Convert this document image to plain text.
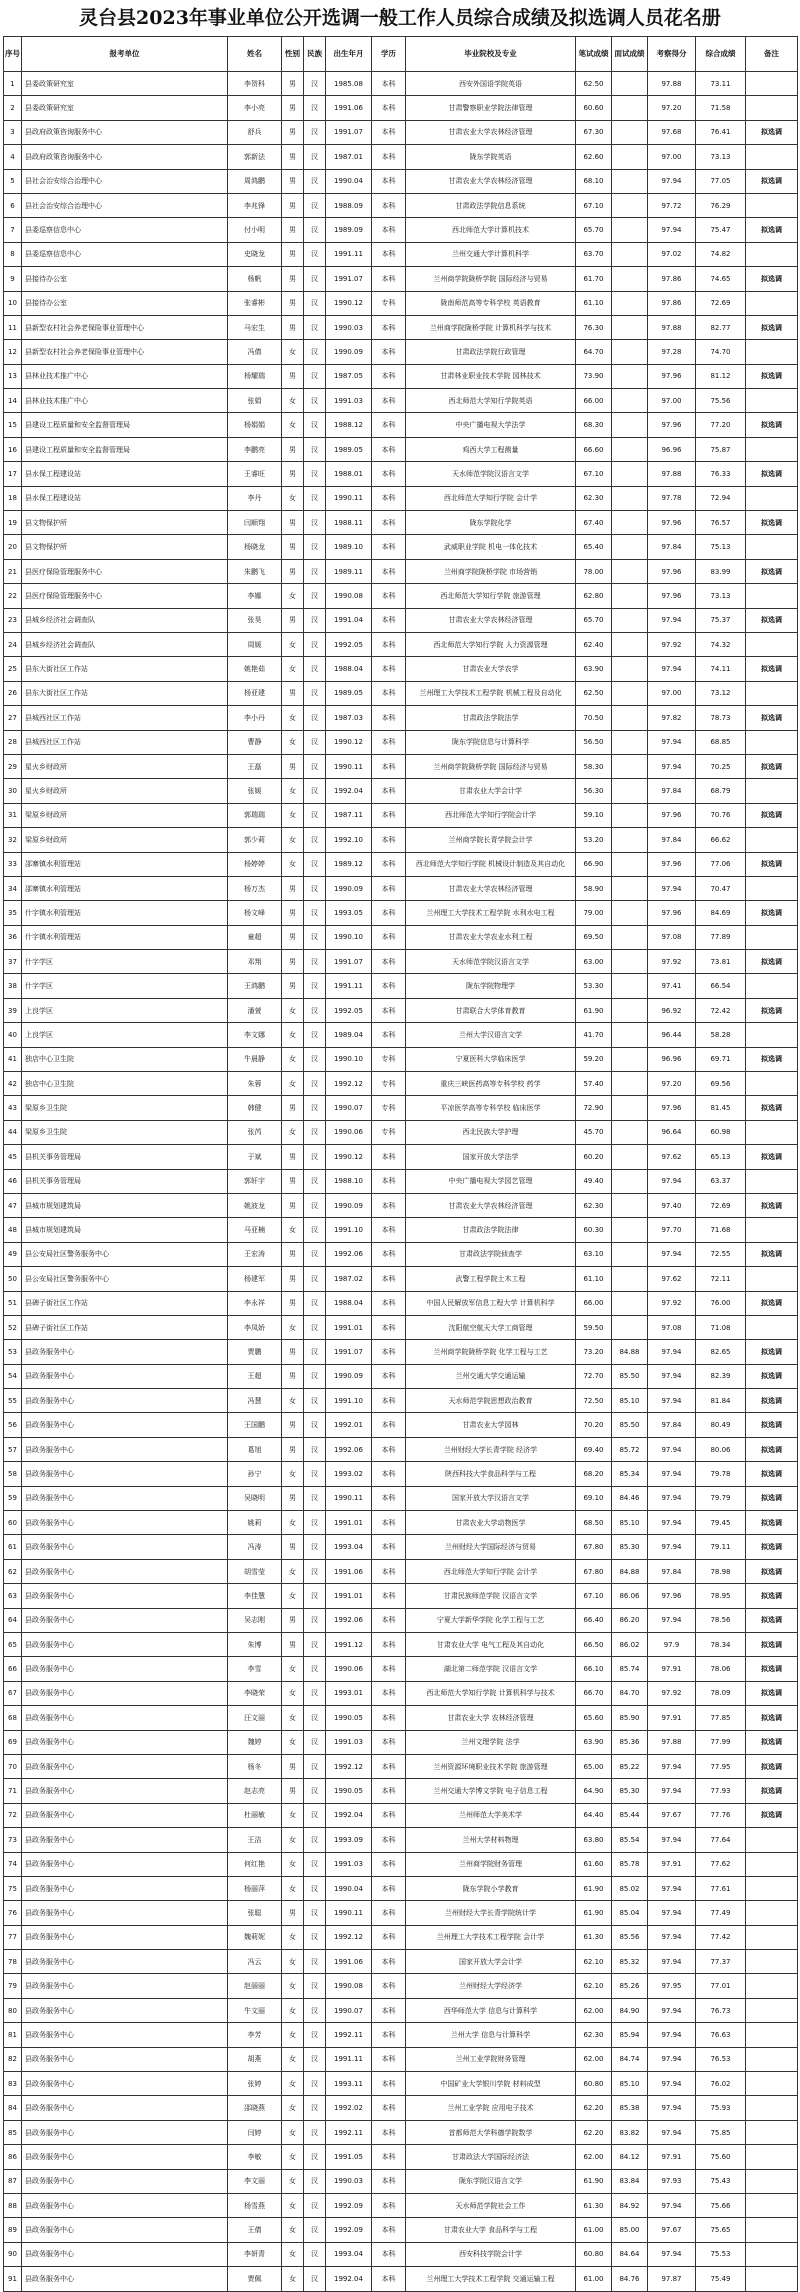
灵台县2023年事业单位公开选调一般工作人员综合成绩及拟选调人员花名册
序号	报考单位	姓名	性别	民族	出生年月	学历	毕业院校及专业	笔试成绩	面试成绩	考察得分	综合成绩	备注
1	县委政策研究室	李贺科	男	汉	1985.08	本科	西安外国语学院英语	62.50		97.88	73.11	
2	县委政策研究室	李小亮	男	汉	1991.06	本科	甘肃警察职业学院法律管理	60.60		97.20	71.58	
3	县政府政策咨询服务中心	舒兵	男	汉	1991.07	本科	甘肃农业大学农林经济管理	67.30		97.68	76.41	拟选调
4	县政府政策咨询服务中心	郭新法	男	汉	1987.01	本科	陇东学院英语	62.60		97.00	73.13	
5	县社会治安综合治理中心	周鸿鹏	男	汉	1990.04	本科	甘肃农业大学农林经济管理	68.10		97.94	77.05	拟选调
6	县社会治安综合治理中心	李兆锋	男	汉	1988.09	本科	甘肃政法学院信息系统	67.10		97.72	76.29	
7	县委巡察信息中心	付小明	男	汉	1989.09	本科	西北师范大学计算机技术	65.70		97.94	75.47	拟选调
8	县委巡察信息中心	史晓龙	男	汉	1991.11	本科	兰州交通大学计算机科学	63.70		97.02	74.82	
9	县接待办公室	杨帆	男	汉	1991.07	本科	兰州商学院陇桥学院 国际经济与贸易	61.70		97.86	74.65	拟选调
10	县接待办公室	张睿彬	男	汉	1990.12	专科	陇南师范高等专科学校 英语教育	61.10		97.86	72.69	
11	县新型农村社会养老保险事业管理中心	马宏生	男	汉	1990.03	本科	兰州商学院陇桥学院 计算机科学与技术	76.30		97.88	82.77	拟选调
12	县新型农村社会养老保险事业管理中心	冯倩	女	汉	1990.09	本科	甘肃政法学院行政管理	64.70		97.28	74.70	
13	县林业技术推广中心	杨耀瑞	男	汉	1987.05	本科	甘肃林业职业技术学院 园林技术	73.90		97.96	81.12	拟选调
14	县林业技术推广中心	张娟	女	汉	1991.03	本科	西北师范大学知行学院英语	66.00		97.00	75.56	
15	县建设工程质量和安全监督管理局	杨娟娟	女	汉	1988.12	本科	中央广播电视大学法学	68.30		97.96	77.20	拟选调
16	县建设工程质量和安全监督管理局	李鹏亮	男	汉	1989.05	本科	鸡西大学工程测量	66.60		96.96	75.87	
17	县水保工程建设站	王睿旺	男	汉	1988.01	本科	天水师范学院汉语言文学	67.10		97.88	76.33	拟选调
18	县水保工程建设站	李丹	女	汉	1990.11	本科	西北师范大学知行学院 会计学	62.30		97.78	72.94	
19	县文物保护所	闫顺翔	男	汉	1988.11	本科	陇东学院化学	67.40		97.96	76.57	拟选调
20	县文物保护所	杨晓龙	男	汉	1989.10	本科	武威职业学院 机电一体化技术	65.40		97.84	75.13	
21	县医疗保险管理服务中心	朱鹏飞	男	汉	1989.11	本科	兰州商学院陇桥学院 市场营销	78.00		97.96	83.99	拟选调
22	县医疗保险管理服务中心	李娜	女	汉	1990.08	本科	西北师范大学知行学院 旅游管理	62.80		97.96	73.13	
23	县城乡经济社会调查队	张昊	男	汉	1991.04	本科	甘肃农业大学农林经济管理	65.70		97.94	75.37	拟选调
24	县城乡经济社会调查队	周媛	女	汉	1992.05	本科	西北师范大学知行学院 人力资源管理	62.40		97.92	74.32	
25	县东大街社区工作站	姚艳茹	女	汉	1988.04	本科	甘肃农业大学农学	63.90		97.94	74.11	拟选调
26	县东大街社区工作站	杨亚建	男	汉	1989.05	本科	兰州理工大学技术工程学院 机械工程及自动化	62.50		97.00	73.12	
27	县城西社区工作站	李小丹	女	汉	1987.03	本科	甘肃政法学院法学	70.50		97.82	78.73	拟选调
28	县城西社区工作站	曹静	女	汉	1990.12	本科	陇东学院信息与计算科学	56.50		97.94	68.85	
29	星火乡财政所	王磊	男	汉	1990.11	本科	兰州商学院陇桥学院 国际经济与贸易	58.30		97.94	70.25	拟选调
30	星火乡财政所	张媛	女	汉	1992.04	本科	甘肃农业大学会计学	56.30		97.84	68.79	
31	梁原乡财政所	郭瑞瑞	女	汉	1987.11	本科	西北师范大学知行学院会计学	59.10		97.96	70.76	拟选调
32	梁原乡财政所	郭少莉	女	汉	1992.10	本科	兰州商学院长青学院会计学	53.20		97.84	66.62	
33	邵寨镇水利管理站	杨婷婷	女	汉	1989.12	本科	西北师范大学知行学院 机械设计制造及其自动化	66.90		97.96	77.06	拟选调
34	邵寨镇水利管理站	杨万杰	男	汉	1990.09	本科	甘肃农业大学农林经济管理	58.90		97.94	70.47	
35	什字镇水利管理站	杨文峰	男	汉	1993.05	本科	兰州理工大学技术工程学院 水利水电工程	79.00		97.96	84.69	拟选调
36	什字镇水利管理站	童超	男	汉	1990.10	本科	甘肃农业大学农业水利工程	69.50		97.08	77.89	
37	什字学区	邓翔	男	汉	1991.07	本科	天水师范学院汉语言文学	63.00		97.92	73.81	拟选调
38	什字学区	王鸿鹏	男	汉	1991.11	本科	陇东学院物理学	53.30		97.41	66.54	
39	上良学区	潘萱	女	汉	1992.05	本科	甘肃联合大学体育教育	61.90		96.92	72.42	拟选调
40	上良学区	李文娜	女	汉	1989.04	本科	兰州大学汉语言文学	41.70		96.44	58.28	
41	独店中心卫生院	牛晨静	女	汉	1990.10	专科	宁夏医科大学临床医学	59.20		96.96	69.71	拟选调
42	独店中心卫生院	朱蓉	女	汉	1992.12	专科	重庆三峡医药高等专科学校 药学	57.40		97.20	69.56	
43	梁原乡卫生院	韩健	男	汉	1990.07	专科	平凉医学高等专科学校 临床医学	72.90		97.96	81.45	拟选调
44	梁原乡卫生院	张芮	女	汉	1990.06	专科	西北民族大学护理	45.70		96.64	60.98	
45	县机关事务管理局	于斌	男	汉	1990.12	本科	国家开放大学法学	60.20		97.62	65.13	拟选调
46	县机关事务管理局	郭轩宇	男	汉	1988.10	本科	中央广播电视大学园艺管理	49.40		97.94	63.37	
47	县城市规划建筑局	姚波龙	男	汉	1990.09	本科	甘肃农业大学农林经济管理	62.30		97.40	72.69	拟选调
48	县城市规划建筑局	马亚楠	女	汉	1991.10	本科	甘肃政法学院法律	60.30		97.70	71.68	
49	县公安局社区警务服务中心	王宏涛	男	汉	1992.06	本科	甘肃政法学院侦查学	63.10		97.94	72.55	拟选调
50	县公安局社区警务服务中心	杨建军	男	汉	1987.02	本科	武警工程学院土木工程	61.10		97.62	72.11	
51	县碑子街社区工作站	李永祥	男	汉	1988.04	本科	中国人民解放军信息工程大学 计算机科学	66.00		97.92	76.00	拟选调
52	县碑子街社区工作站	李凤娇	女	汉	1991.01	本科	沈阳航空航天大学工商管理	59.50		97.08	71.08	
53	县政务服务中心	贾鹏	男	汉	1991.07	本科	兰州商学院陇桥学院 化学工程与工艺	73.20	84.88	97.94	82.65	拟选调
54	县政务服务中心	王超	男	汉	1990.09	本科	兰州交通大学交通运输	72.70	85.50	97.94	82.39	拟选调
55	县政务服务中心	冯慧	女	汉	1991.10	本科	天水师范学院思想政治教育	72.50	85.10	97.94	81.84	拟选调
56	县政务服务中心	王国鹏	男	汉	1992.01	本科	甘肃农业大学园林	70.20	85.50	97.84	80.49	拟选调
57	县政务服务中心	葛旭	男	汉	1992.06	本科	兰州财经大学长青学院 经济学	69.40	85.72	97.94	80.06	拟选调
58	县政务服务中心	孙宁	女	汉	1993.02	本科	陕西科技大学食品科学与工程	68.20	85.34	97.94	79.78	拟选调
59	县政务服务中心	吴晓明	男	汉	1990.11	本科	国家开放大学汉语言文学	69.10	84.46	97.94	79.79	拟选调
60	县政务服务中心	姚莉	女	汉	1991.01	本科	甘肃农业大学动物医学	68.50	85.10	97.94	79.45	拟选调
61	县政务服务中心	冯涛	男	汉	1993.04	本科	兰州财经大学国际经济与贸易	67.80	85.30	97.94	79.11	拟选调
62	县政务服务中心	胡雪莹	女	汉	1991.06	本科	西北师范大学知行学院 会计学	67.80	84.88	97.84	78.98	拟选调
63	县政务服务中心	李佳慧	女	汉	1991.01	本科	甘肃民族师范学院 汉语言文学	67.10	86.06	97.96	78.95	拟选调
64	县政务服务中心	吴志刚	男	汉	1992.06	本科	宁夏大学新华学院 化学工程与工艺	66.40	86.20	97.94	78.56	拟选调
65	县政务服务中心	朱博	男	汉	1991.12	本科	甘肃农业大学 电气工程及其自动化	66.50	86.02	97.9	78.34	拟选调
66	县政务服务中心	李雪	女	汉	1990.06	本科	湖北第二师范学院 汉语言文学	66.10	85.74	97.91	78.06	拟选调
67	县政务服务中心	李晓荣	女	汉	1993.01	本科	西北师范大学知行学院 计算机科学与技术	66.70	84.70	97.92	78.09	拟选调
68	县政务服务中心	汪文丽	女	汉	1990.05	本科	甘肃农业大学 农林经济管理	65.60	85.90	97.91	77.85	拟选调
69	县政务服务中心	魏婷	女	汉	1991.03	本科	兰州文理学院 法学	63.90	85.36	97.88	77.99	拟选调
70	县政务服务中心	杨冬	男	汉	1992.12	本科	兰州资源环境职业技术学院 旅游管理	65.00	85.22	97.94	77.95	拟选调
71	县政务服务中心	赵志亮	男	汉	1990.05	本科	兰州交通大学博文学院 电子信息工程	64.90	85.30	97.94	77.93	拟选调
72	县政务服务中心	杜丽敏	女	汉	1992.04	本科	兰州师范大学美术学	64.40	85.44	97.67	77.76	拟选调
73	县政务服务中心	王洁	女	汉	1993.09	本科	兰州大学材料物理	63.80	85.54	97.94	77.64	
74	县政务服务中心	何红艳	女	汉	1991.03	本科	兰州商学院财务管理	61.60	85.78	97.91	77.62	
75	县政务服务中心	杨丽萍	女	汉	1990.04	本科	陇东学院小学教育	61.90	85.02	97.94	77.61	
76	县政务服务中心	张聪	男	汉	1990.11	本科	兰州财经大学长青学院统计学	61.90	85.04	97.94	77.49	
77	县政务服务中心	魏莉妮	女	汉	1992.12	本科	兰州理工大学技术工程学院 会计学	61.30	85.56	97.94	77.42	
78	县政务服务中心	冯云	女	汉	1991.06	本科	国家开放大学会计学	62.10	85.32	97.94	77.37	
79	县政务服务中心	赵丽丽	女	汉	1990.08	本科	兰州财经大学经济学	62.10	85.26	97.95	77.01	
80	县政务服务中心	牛文丽	女	汉	1990.07	本科	西华师范大学 信息与计算科学	62.00	84.90	97.94	76.73	
81	县政务服务中心	李芳	女	汉	1992.11	本科	兰州大学 信息与计算科学	62.30	85.94	97.94	76.63	
82	县政务服务中心	胡燕	女	汉	1991.11	本科	兰州工业学院财务管理	62.00	84.74	97.94	76.53	
83	县政务服务中心	张婷	女	汉	1993.11	本科	中国矿业大学银川学院 材料成型	60.80	85.10	97.94	76.02	
84	县政务服务中心	邵晓燕	女	汉	1992.02	本科	兰州工业学院 应用电子技术	62.20	85.38	97.94	75.93	
85	县政务服务中心	闫婷	女	汉	1992.11	本科	首都师范大学科德学院数学	62.20	83.82	97.94	75.85	
86	县政务服务中心	李敏	女	汉	1991.05	本科	甘肃政法大学国际经济法	62.00	84.12	97.91	75.60	
87	县政务服务中心	李文丽	女	汉	1990.03	本科	陇东学院汉语言文学	61.90	83.84	97.93	75.43	
88	县政务服务中心	杨雪燕	女	汉	1992.09	本科	天水师范学院社会工作	61.30	84.92	97.94	75.66	
89	县政务服务中心	王倩	女	汉	1992.09	本科	甘肃农业大学 食品科学与工程	61.00	85.00	97.67	75.65	
90	县政务服务中心	李妍青	女	汉	1993.04	本科	西安科技学院会计学	60.80	84.64	97.94	75.53	
91	县政务服务中心	贾佩	女	汉	1992.04	本科	兰州理工大学技术工程学院 交通运输工程	61.00	84.76	97.87	75.49	
